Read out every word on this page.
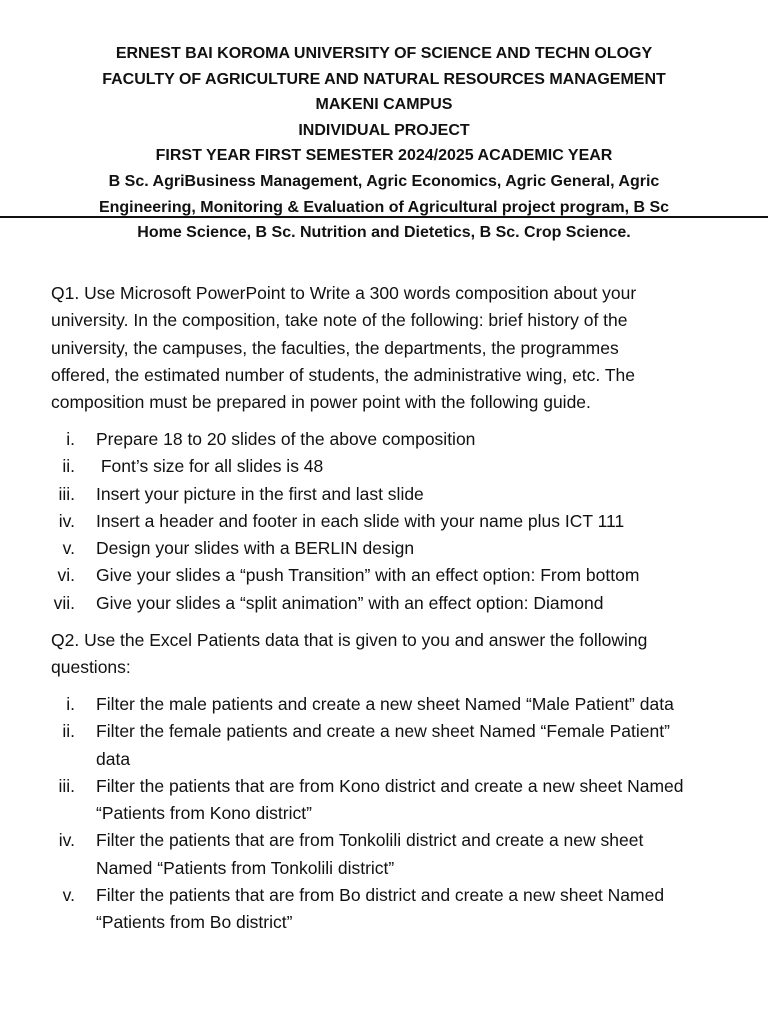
ERNEST BAI KOROMA UNIVERSITY OF SCIENCE AND TECHN OLOGY
FACULTY OF AGRICULTURE AND NATURAL RESOURCES MANAGEMENT
MAKENI CAMPUS
INDIVIDUAL PROJECT
FIRST YEAR FIRST SEMESTER 2024/2025 ACADEMIC YEAR
B Sc. AgriBusiness Management, Agric Economics, Agric General, Agric
Engineering, Monitoring & Evaluation of Agricultural project program, B Sc
Home Science, B Sc. Nutrition and Dietetics, B Sc. Crop Science.
Q1. Use Microsoft PowerPoint to Write a 300 words composition about your
university. In the composition, take note of the following: brief history of the
university, the campuses, the faculties, the departments, the programmes
offered, the estimated number of students, the administrative wing, etc. The
composition must be prepared in power point with the following guide.
i. Prepare 18 to 20 slides of the above composition
ii. Font’s size for all slides is 48
iii. Insert your picture in the first and last slide
iv. Insert a header and footer in each slide with your name plus ICT 111
v. Design your slides with a BERLIN design
vi. Give your slides a “push Transition” with an effect option: From bottom
vii. Give your slides a “split animation” with an effect option: Diamond
Q2. Use the Excel Patients data that is given to you and answer the following
questions:
i. Filter the male patients and create a new sheet Named “Male Patient” data
ii. Filter the female patients and create a new sheet Named “Female Patient”
data
iii. Filter the patients that are from Kono district and create a new sheet Named
“Patients from Kono district”
iv. Filter the patients that are from Tonkolili district and create a new sheet
Named “Patients from Tonkolili district”
v. Filter the patients that are from Bo district and create a new sheet Named
“Patients from Bo district”
